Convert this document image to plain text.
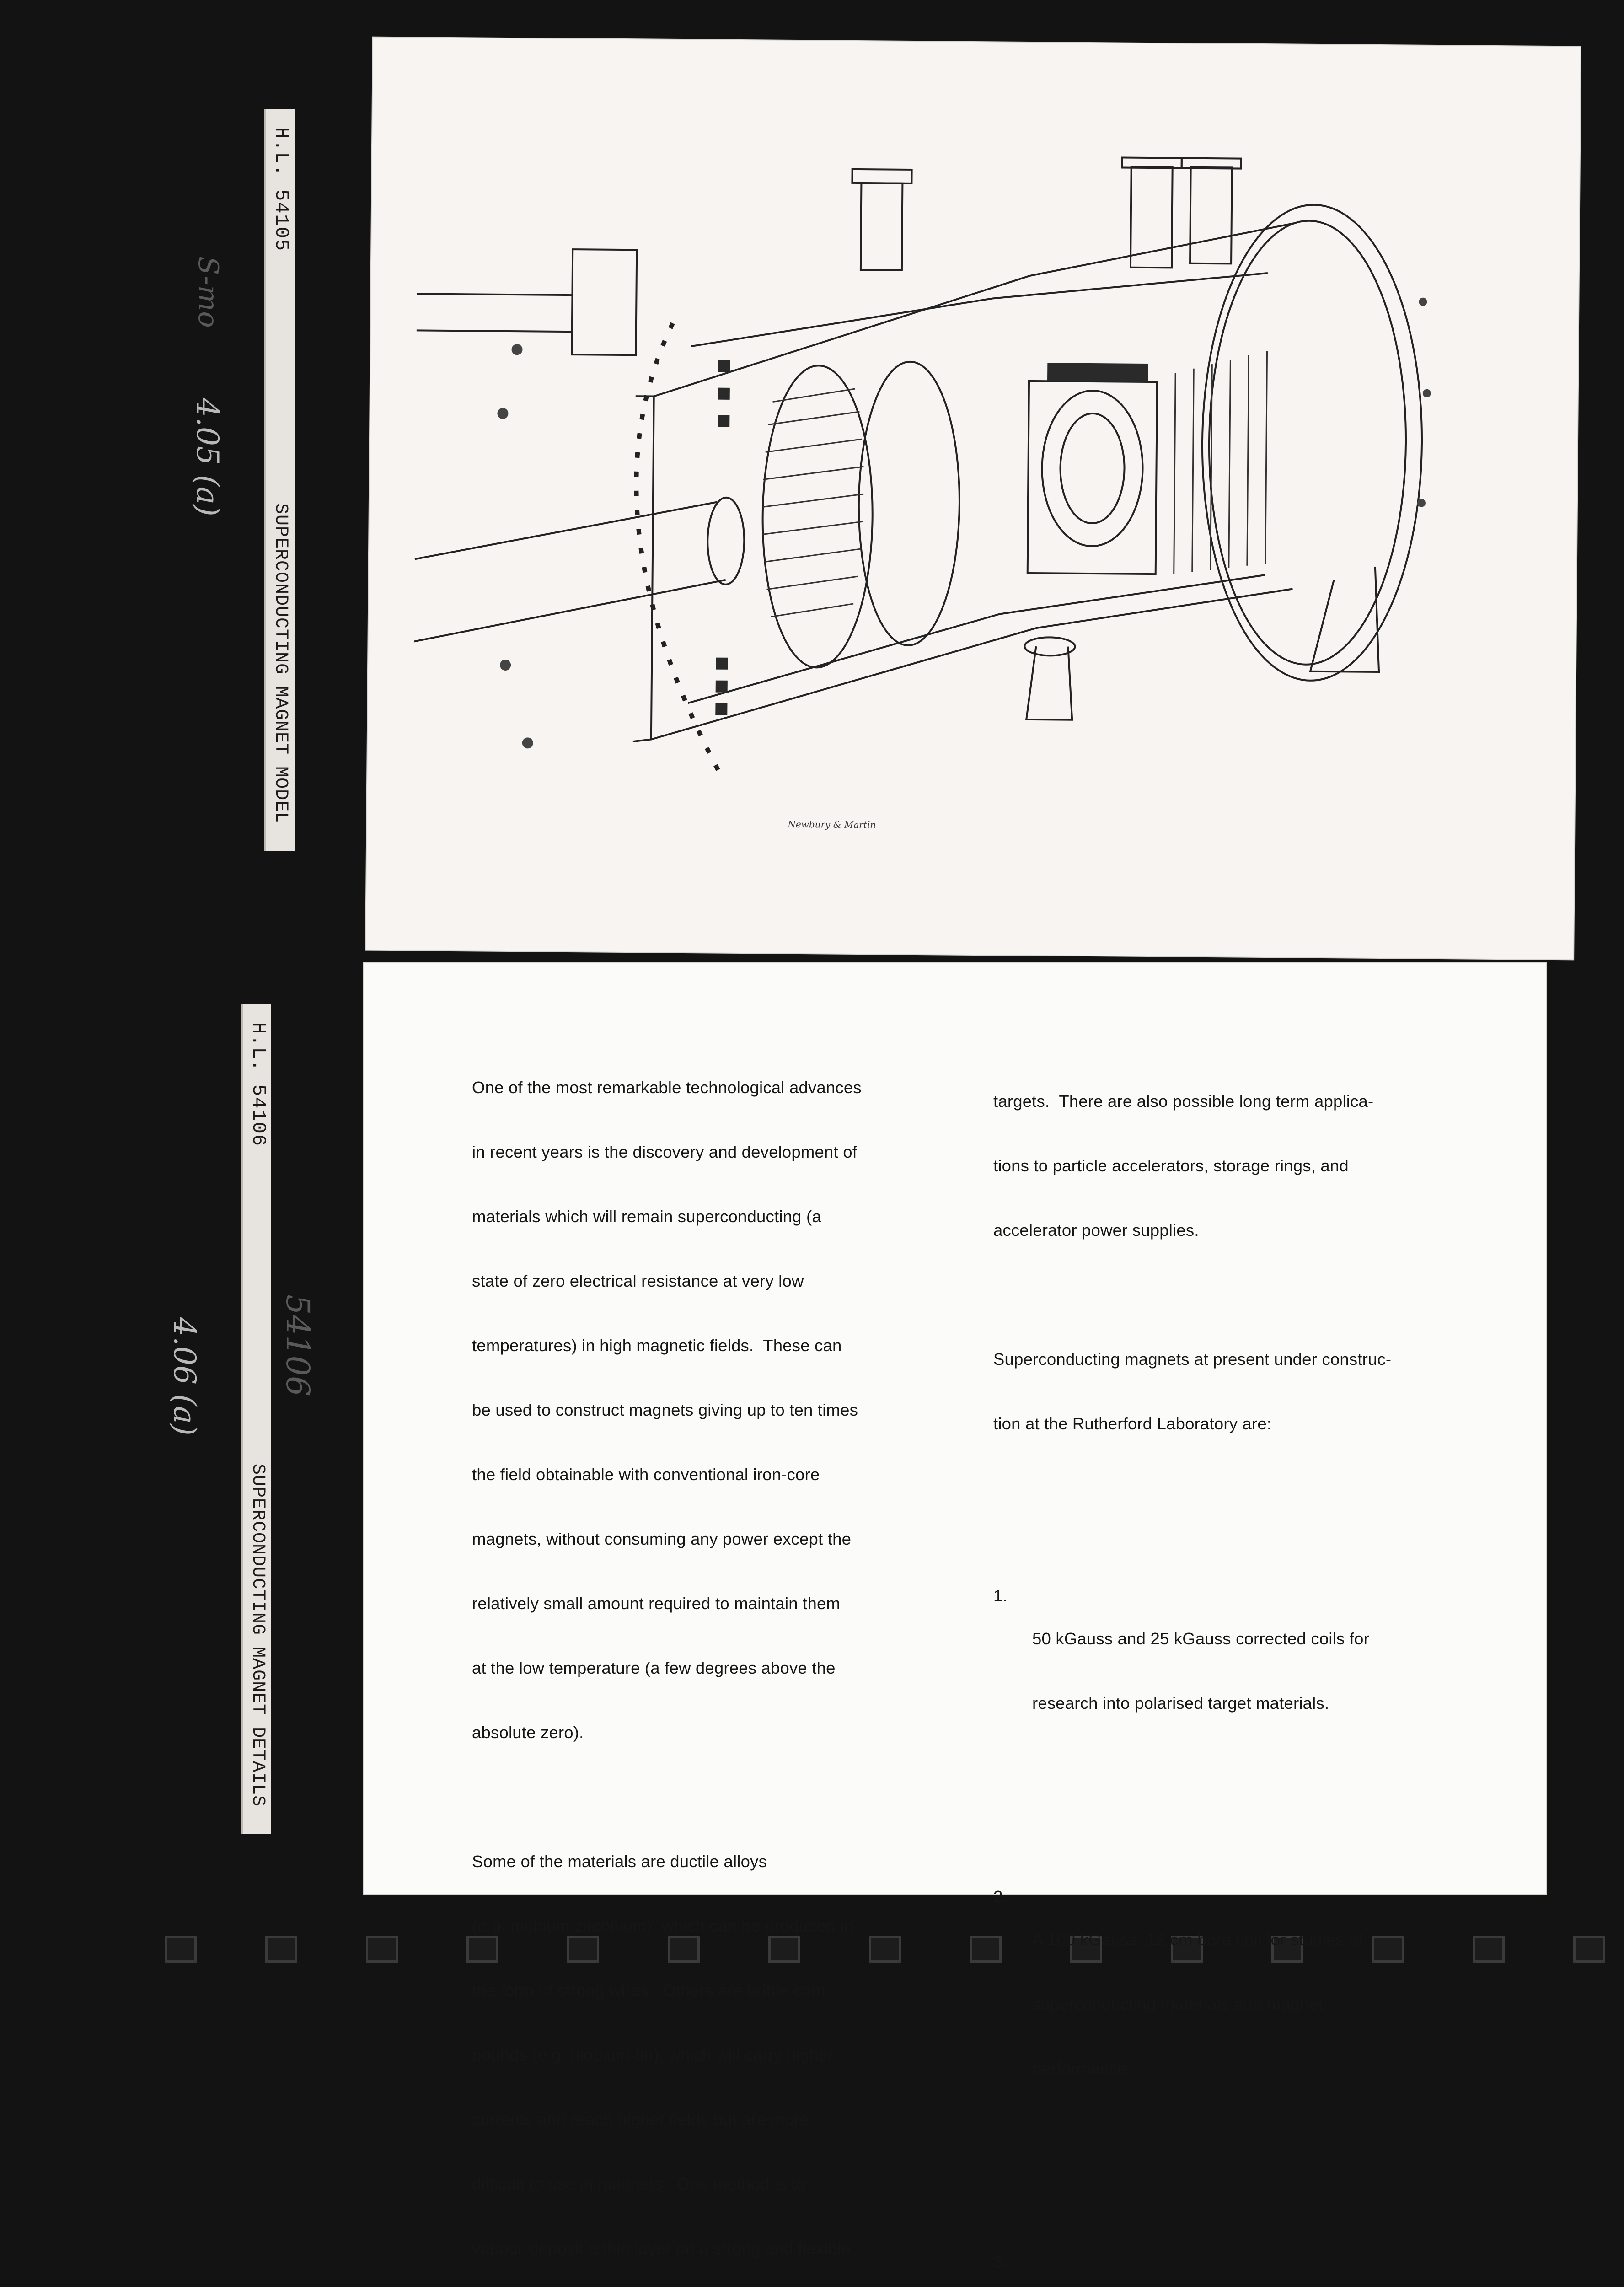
H.L. 54105
SUPERCONDUCTING MAGNET MODEL
H.L. 54106
SUPERCONDUCTING MAGNET DETAILS
S-mo
4.05 (a)
54106
4.06 (a)
Newbury & Martin

One of the most remarkable technological advances

in recent years is the discovery and development of

materials which will remain superconducting (a

state of zero electrical resistance at very low

temperatures) in high magnetic fields.  These can

be used to construct magnets giving up to ten times

the field obtainable with conventional iron-core

magnets, without consuming any power except the

relatively small amount required to maintain them

at the low temperature (a few degrees above the

absolute zero).

Some of the materials are ductile alloys

(e.g. niobium zirconium), which can be produced in

the form of strong wires.  Others are brittle com-

pounds (e.g. niobium-tin), which will carry higher

currents and reach higher fields but are more

difficult to use in magnets.  One method is to

vapour-deposit a thin layer on a strong and flexible

targets.  There are also possible long term applica-

tions to particle accelerators, storage rings, and

accelerator power supplies.

Superconducting magnets at present under construc-

tion at the Rutherford Laboratory are:

1.

50 kGauss and 25 kGauss corrected coils for

research into polarised target materials.

2.

A 100 kGauss, 12 cm bore coil for studies of

superconducting materials and magnet

performance.

3.
